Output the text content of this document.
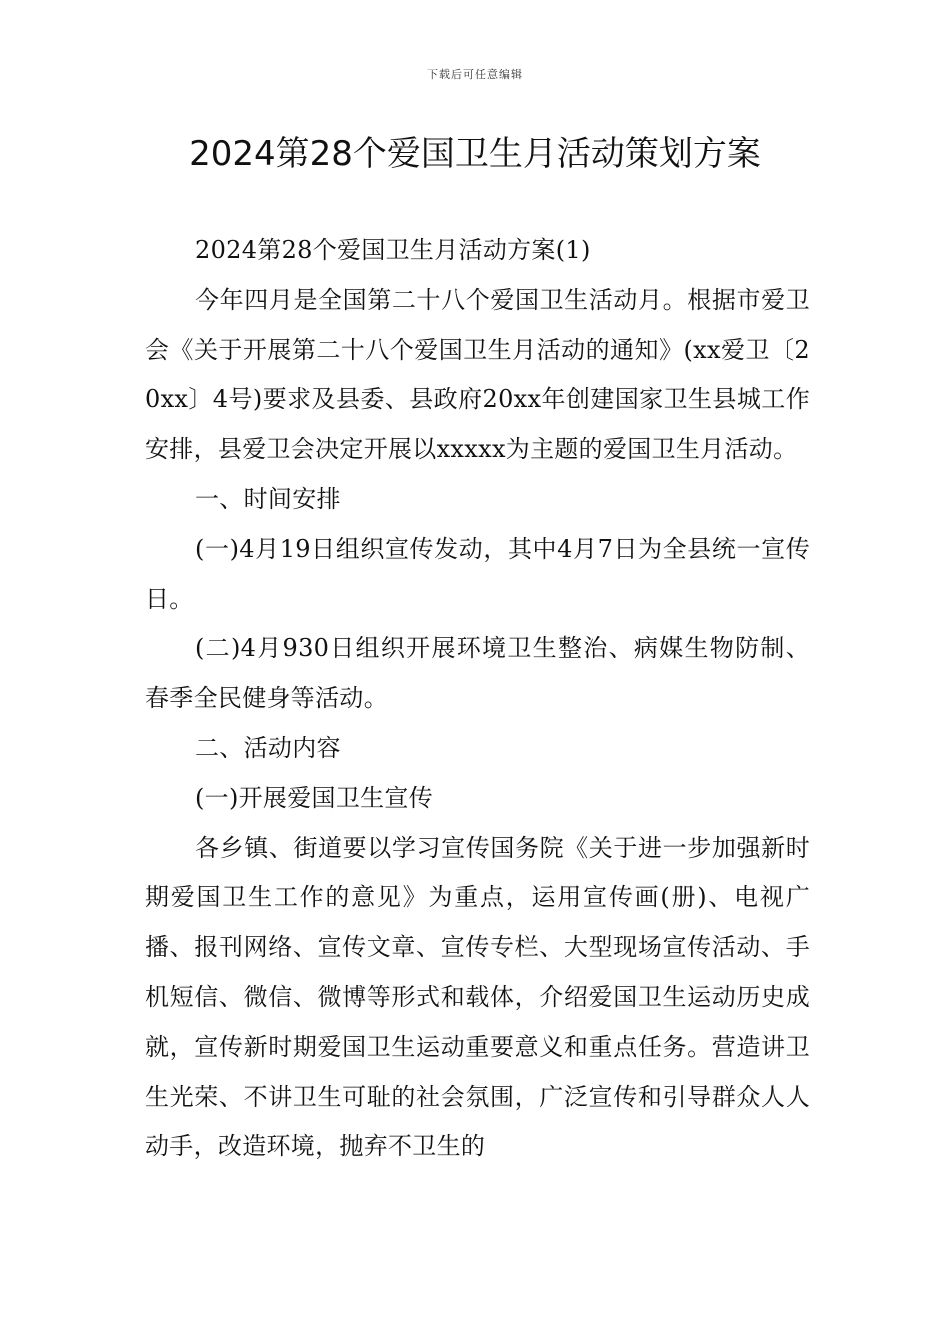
下载后可任意编辑
2024第28个爱国卫生月活动策划方案

2024第28个爱国卫生月活动方案(1)

今年四月是全国第二十八个爱国卫生活动月。根据市爱卫会《关于开展第二十八个爱国卫生月活动的通知》(xx爱卫〔20xx〕4号)要求及县委、县政府20xx年创建国家卫生县城工作安排，县爱卫会决定开展以xxxxx为主题的爱国卫生月活动。

一、时间安排

(一)4月19日组织宣传发动，其中4月7日为全县统一宣传日。

(二)4月930日组织开展环境卫生整治、病媒生物防制、春季全民健身等活动。

二、活动内容

(一)开展爱国卫生宣传

各乡镇、街道要以学习宣传国务院《关于进一步加强新时期爱国卫生工作的意见》为重点，运用宣传画(册)、电视广播、报刊网络、宣传文章、宣传专栏、大型现场宣传活动、手机短信、微信、微博等形式和载体，介绍爱国卫生运动历史成就，宣传新时期爱国卫生运动重要意义和重点任务。营造讲卫生光荣、不讲卫生可耻的社会氛围，广泛宣传和引导群众人人动手，改造环境，抛弃不卫生的
